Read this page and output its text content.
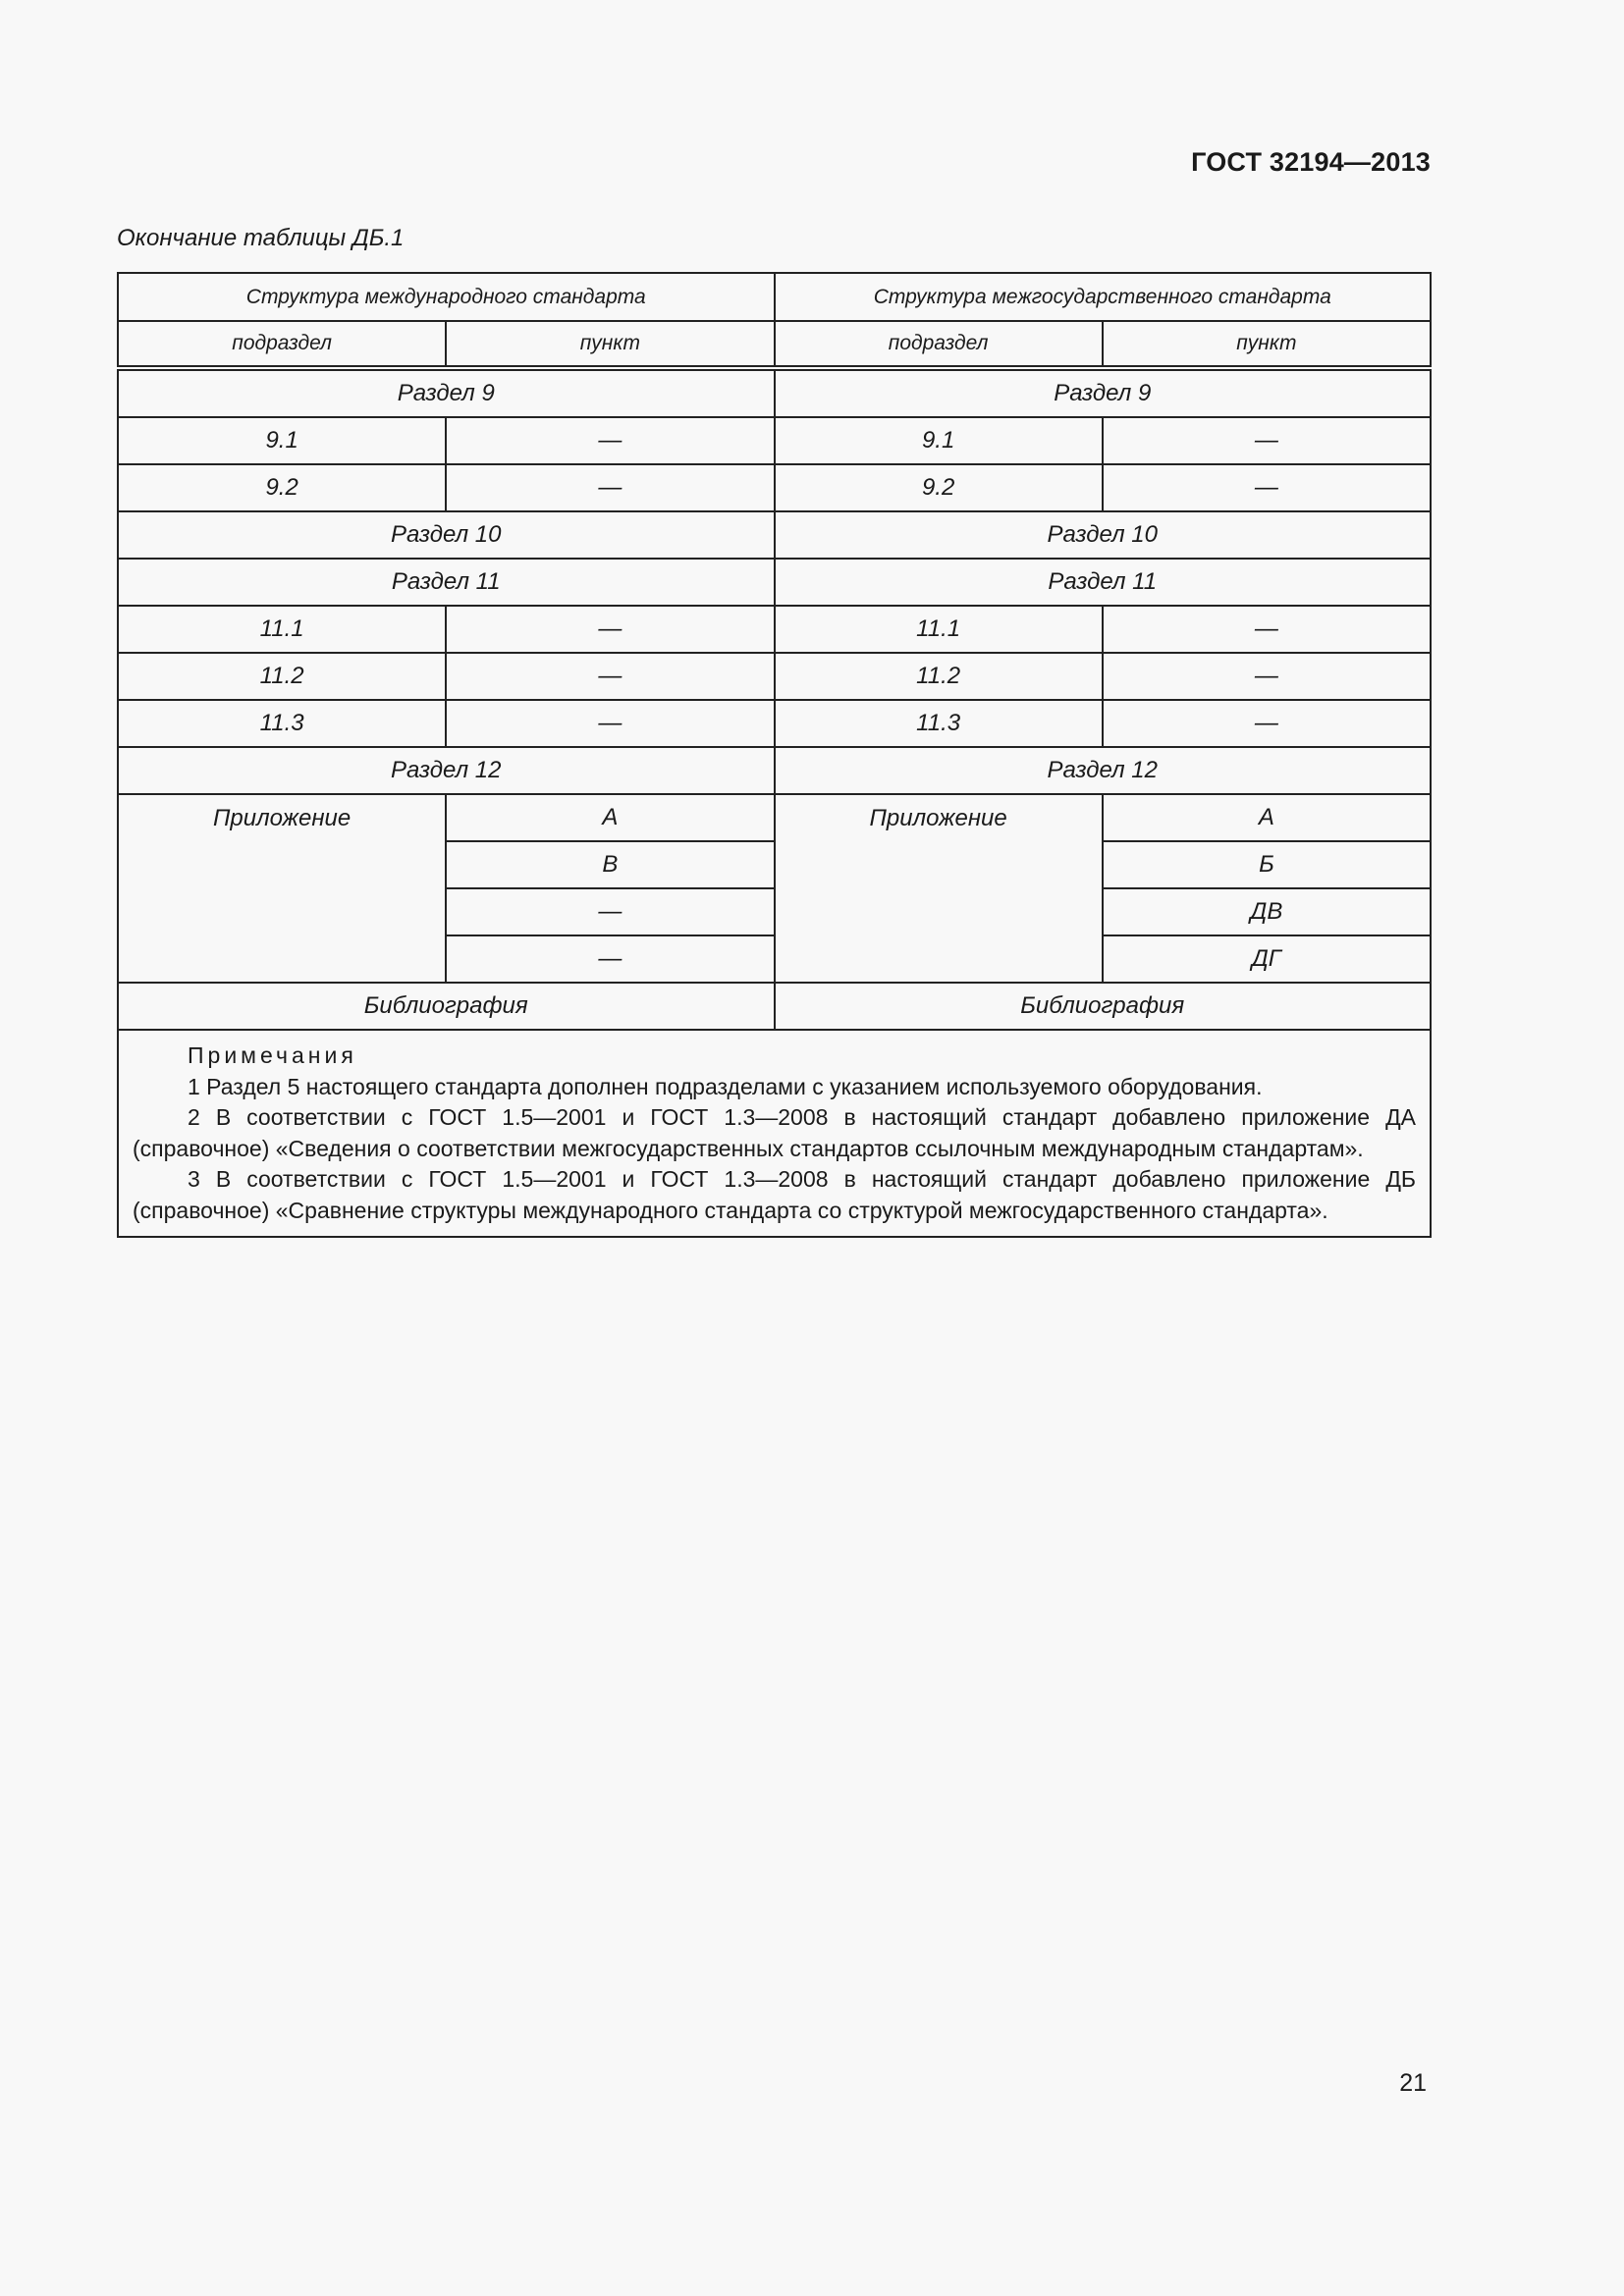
ГОСТ 32194—2013
Окончание таблицы ДБ.1
Структура международного стандарта		Структура межгосударственного стандарта	
подраздел	пункт	подраздел	пункт
Раздел 9		Раздел 9	
9.1	—	9.1	—
9.2	—	9.2	—
Раздел 10		Раздел 10	
Раздел 11		Раздел 11	
11.1	—	11.1	—
11.2	—	11.2	—
11.3	—	11.3	—
Раздел 12		Раздел 12	
Приложение	A	Приложение	А
	B		Б
	—		ДВ
	—		ДГ
Библиография		Библиография	

Примечания
1 Раздел 5 настоящего стандарта дополнен подразделами с указанием используемого оборудования.
2 В соответствии с ГОСТ 1.5—2001 и ГОСТ 1.3—2008 в настоящий стандарт добавлено приложение ДА (справочное) «Сведения о соответствии межгосударственных стандартов ссылочным международным стандартам».
3 В соответствии с ГОСТ 1.5—2001 и ГОСТ 1.3—2008 в настоящий стандарт добавлено приложение ДБ (справочное) «Сравнение структуры международного стандарта со структурой межгосударственного стандарта».			
21
